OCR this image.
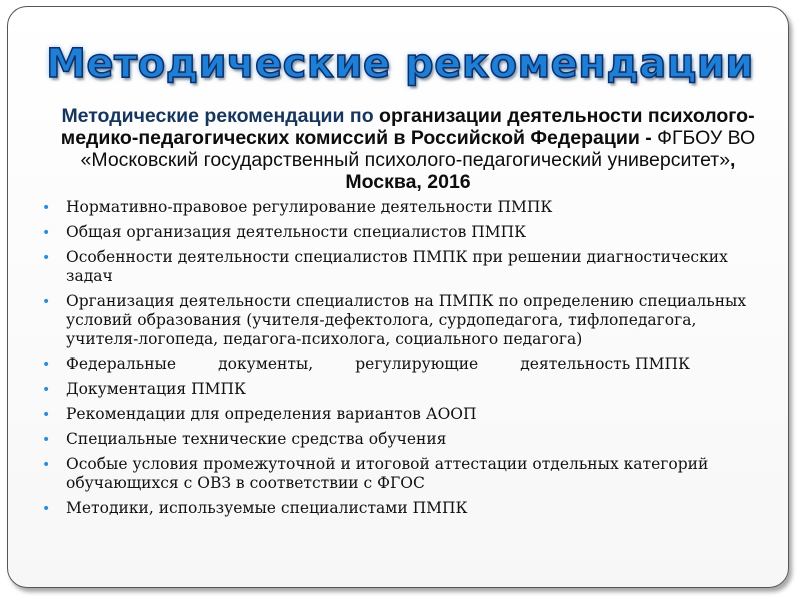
Методические рекомендации
Методические рекомендации по организации деятельности психолого-медико-педагогических комиссий в Российской Федерации - ФГБОУ ВО «Московский государственный психолого-педагогический университет», Москва, 2016
• Нормативно-правовое регулирование деятельности ПМПК
• Общая организация деятельности специалистов ПМПК
• Особенности деятельности специалистов ПМПК при решении диагностических задач
• Организация деятельности специалистов на ПМПК по определению специальных условий образования (учителя-дефектолога, сурдопедагога, тифлопедагога, учителя-логопеда, педагога-психолога, социального педагога)
• Федеральные	документы,	регулирующие	деятельность ПМПК
• Документация ПМПК
• Рекомендации для определения вариантов АООП
• Специальные технические средства обучения
• Особые условия промежуточной и итоговой аттестации отдельных категорий обучающихся с ОВЗ в соответствии с ФГОС
• Методики, используемые специалистами ПМПК
